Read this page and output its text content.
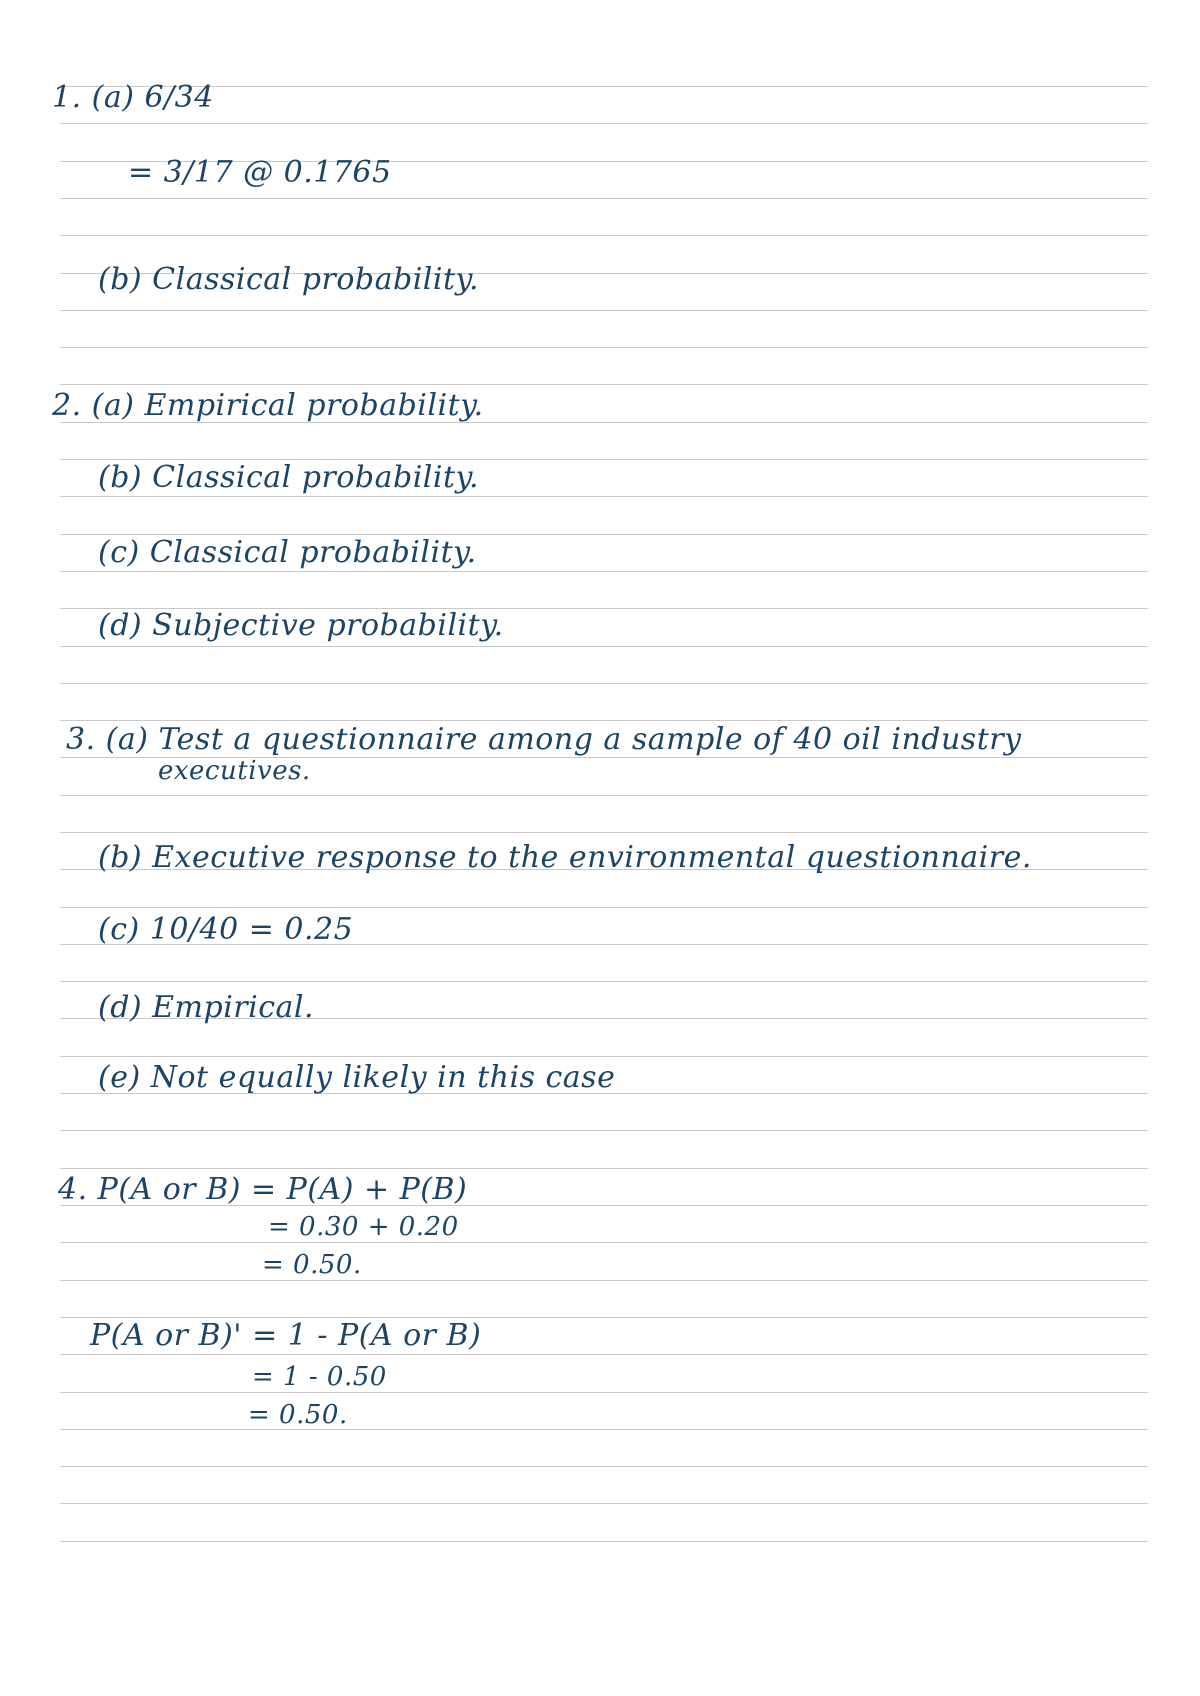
1. (a) 6/34
= 3/17 @ 0.1765
(b) Classical probability.
2. (a) Empirical probability.
(b) Classical probability.
(c) Classical probability.
(d) Subjective probability.
3. (a) Test a questionnaire among a sample of 40 oil industry
executives.
(b) Executive response to the environmental questionnaire.
(c) 10/40 = 0.25
(d) Empirical.
(e) Not equally likely in this case
4. P(A or B) = P(A) + P(B)
= 0.30 + 0.20
= 0.50.
P(A or B)' = 1 - P(A or B)
= 1 - 0.50
= 0.50.
